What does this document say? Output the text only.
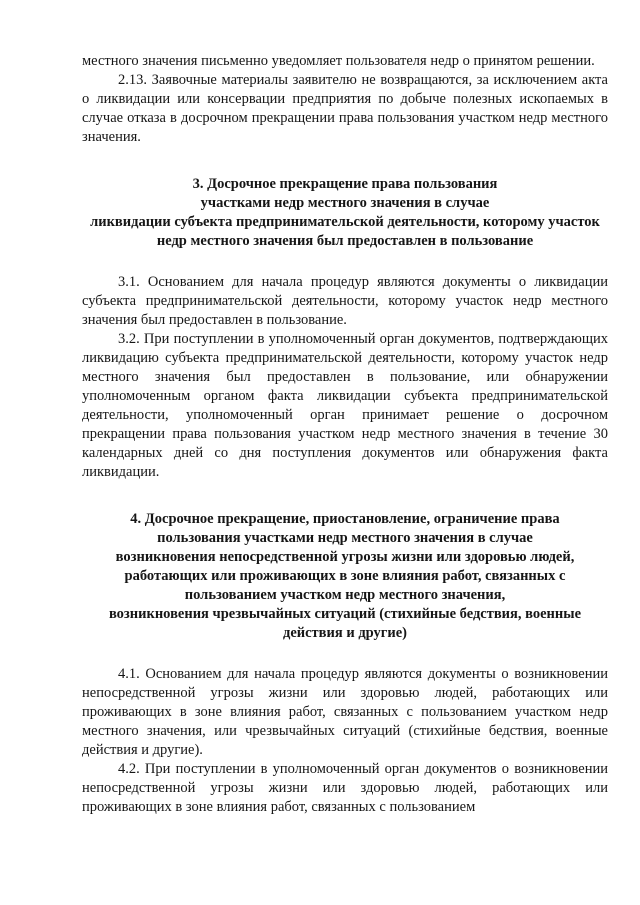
местного значения письменно уведомляет пользователя недр о принятом решении.

2.13. Заявочные материалы заявителю не возвращаются, за исключением акта о ликвидации или консервации предприятия по добыче полезных ископаемых в случае отказа в досрочном прекращении права пользования участком недр местного значения.

3. Досрочное прекращение права пользования
участками недр местного значения в случае
ликвидации субъекта предпринимательской деятельности, которому участок
недр местного значения был предоставлен в пользование

3.1. Основанием для начала процедур являются документы о ликвидации субъекта предпринимательской деятельности, которому участок недр местного значения был предоставлен в пользование.

3.2. При поступлении в уполномоченный орган документов, подтверждающих ликвидацию субъекта предпринимательской деятельности, которому участок недр местного значения был предоставлен в пользование, или обнаружении уполномоченным органом факта ликвидации субъекта предпринимательской деятельности, уполномоченный орган принимает решение о досрочном прекращении права пользования участком недр местного значения в течение 30 календарных дней со дня поступления документов или обнаружения факта ликвидации.

4. Досрочное прекращение, приостановление, ограничение права
пользования участками недр местного значения в случае
возникновения непосредственной угрозы жизни или здоровью людей,
работающих или проживающих в зоне влияния работ, связанных с
пользованием участком недр местного значения,
возникновения чрезвычайных ситуаций (стихийные бедствия, военные
действия и другие)

4.1. Основанием для начала процедур являются документы о возникновении непосредственной угрозы жизни или здоровью людей, работающих или проживающих в зоне влияния работ, связанных с пользованием участком недр местного значения, или чрезвычайных ситуаций (стихийные бедствия, военные действия и другие).

4.2. При поступлении в уполномоченный орган документов о возникновении непосредственной угрозы жизни или здоровью людей, работающих или проживающих в зоне влияния работ, связанных с пользованием
